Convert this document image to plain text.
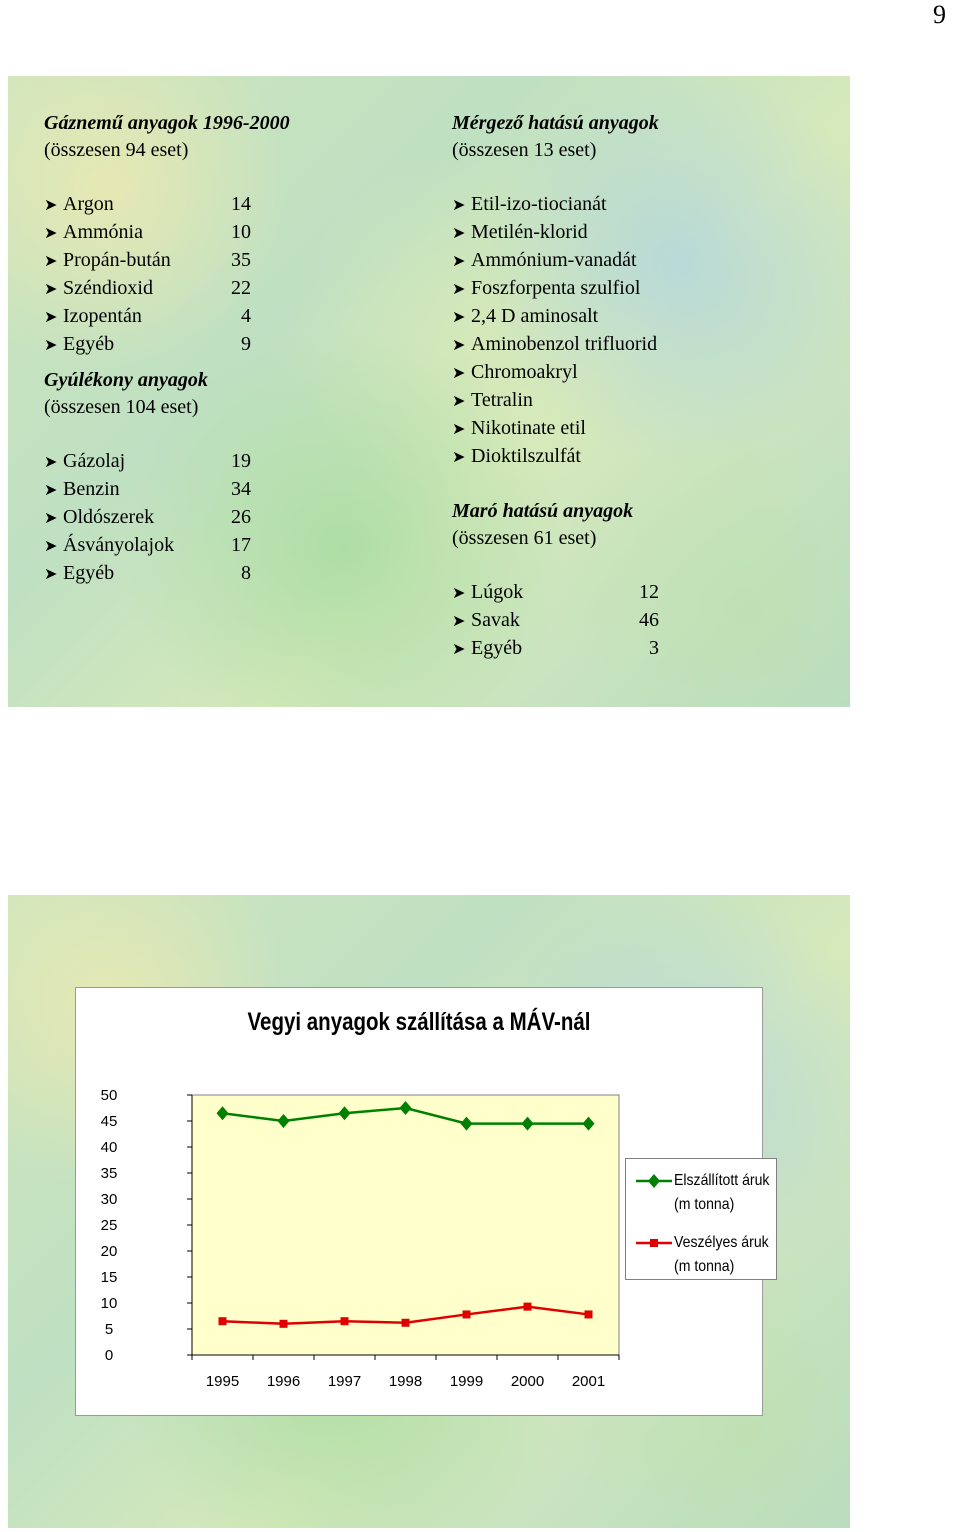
9
Gáznemű anyagok 1996-2000
(összesen 94 eset)
➤ Argon	14
➤ Ammónia	10
➤ Propán-bután	35
➤ Széndioxid	22
➤ Izopentán	4
➤ Egyéb	9
Gyúlékony anyagok
(összesen 104 eset)
➤ Gázolaj	19
➤ Benzin	34
➤ Oldószerek	26
➤ Ásványolajok	17
➤ Egyéb	8
Mérgező hatású anyagok
(összesen 13 eset)
➤ Etil-izo-tiocianát
➤ Metilén-klorid
➤ Ammónium-vanadát
➤ Foszforpenta szulfiol
➤ 2,4 D aminosalt
➤ Aminobenzol trifluorid
➤ Chromoakryl
➤ Tetralin
➤ Nikotinate etil
➤ Dioktilszulfát
Maró hatású anyagok
(összesen 61 eset)
➤ Lúgok	12
➤ Savak	46
➤ Egyéb	3
Vegyi anyagok szállítása a MÁV-nál
0
5
10
15
20
25
30
35
40
45
50
1995 1996 1997 1998 1999 2000 2001
Elszállított áruk
(m tonna)
Veszélyes áruk
(m tonna)
